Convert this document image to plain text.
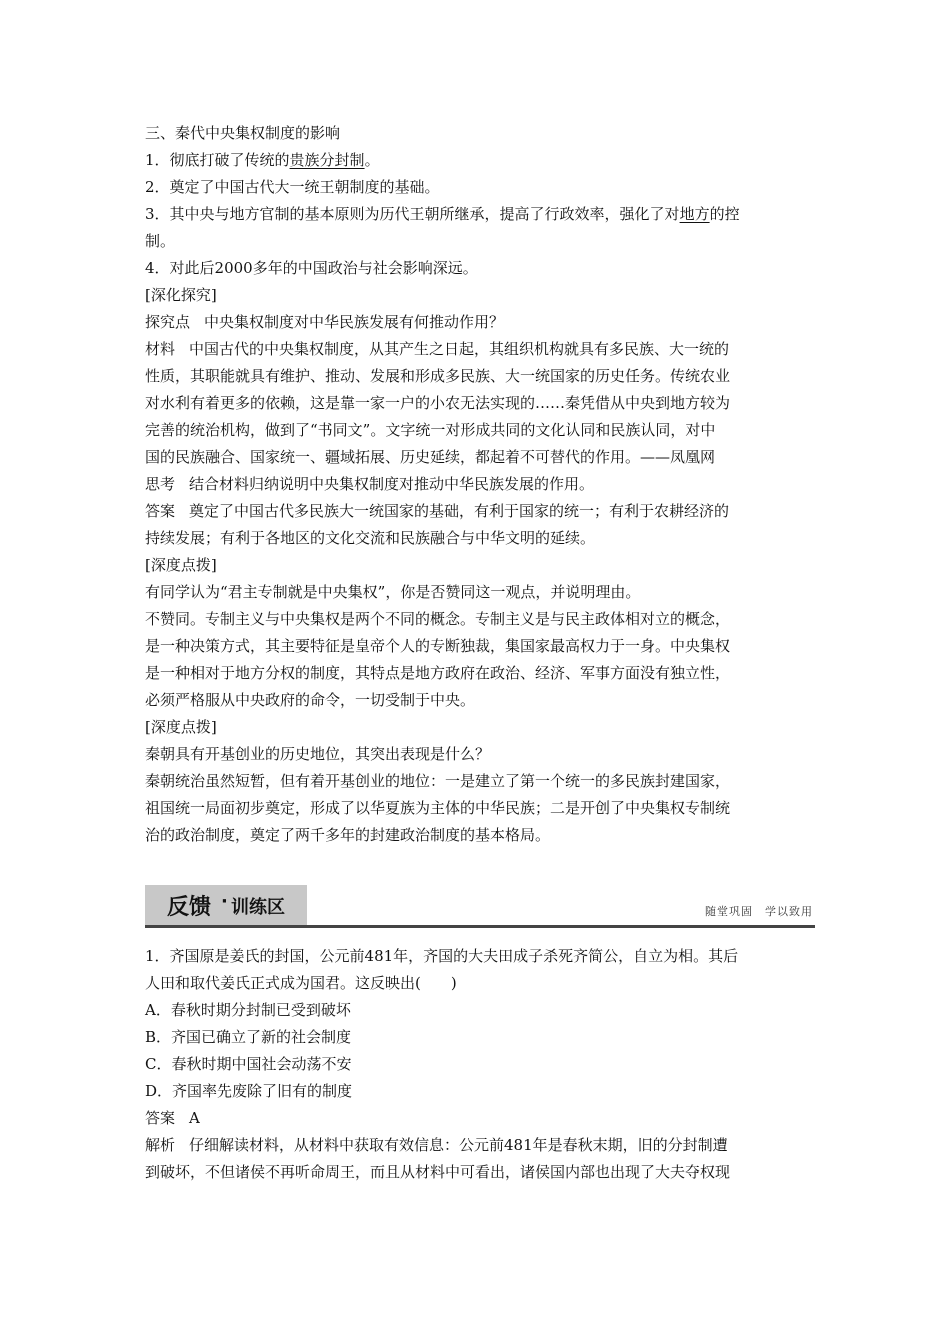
三、秦代中央集权制度的影响
1．彻底打破了传统的贵族分封制。
2．奠定了中国古代大一统王朝制度的基础。
3．其中央与地方官制的基本原则为历代王朝所继承，提高了行政效率，强化了对地方的控
制。
4．对此后2000多年的中国政治与社会影响深远。
[深化探究]
探究点 中央集权制度对中华民族发展有何推动作用？
材料 中国古代的中央集权制度，从其产生之日起，其组织机构就具有多民族、大一统的
性质，其职能就具有维护、推动、发展和形成多民族、大一统国家的历史任务。传统农业
对水利有着更多的依赖，这是靠一家一户的小农无法实现的……秦凭借从中央到地方较为
完善的统治机构，做到了“书同文”。文字统一对形成共同的文化认同和民族认同，对中
国的民族融合、国家统一、疆域拓展、历史延续，都起着不可替代的作用。——凤凰网
思考 结合材料归纳说明中央集权制度对推动中华民族发展的作用。
答案 奠定了中国古代多民族大一统国家的基础，有利于国家的统一；有利于农耕经济的
持续发展；有利于各地区的文化交流和民族融合与中华文明的延续。
[深度点拨]
有同学认为“君主专制就是中央集权”，你是否赞同这一观点，并说明理由。
不赞同。专制主义与中央集权是两个不同的概念。专制主义是与民主政体相对立的概念，
是一种决策方式，其主要特征是皇帝个人的专断独裁，集国家最高权力于一身。中央集权
是一种相对于地方分权的制度，其特点是地方政府在政治、经济、军事方面没有独立性，
必须严格服从中央政府的命令，一切受制于中央。
[深度点拨]
秦朝具有开基创业的历史地位，其突出表现是什么？
秦朝统治虽然短暂，但有着开基创业的地位：一是建立了第一个统一的多民族封建国家，
祖国统一局面初步奠定，形成了以华夏族为主体的中华民族；二是开创了中央集权专制统
治的政治制度，奠定了两千多年的封建政治制度的基本格局。
反馈 · 训练区	随堂巩固　学以致用
1．齐国原是姜氏的封国，公元前481年，齐国的大夫田成子杀死齐简公，自立为相。其后
人田和取代姜氏正式成为国君。这反映出(　　)
A．春秋时期分封制已受到破坏
B．齐国已确立了新的社会制度
C．春秋时期中国社会动荡不安
D．齐国率先废除了旧有的制度
答案 A
解析 仔细解读材料，从材料中获取有效信息：公元前481年是春秋末期，旧的分封制遭
到破坏，不但诸侯不再听命周王，而且从材料中可看出，诸侯国内部也出现了大夫夺权现
